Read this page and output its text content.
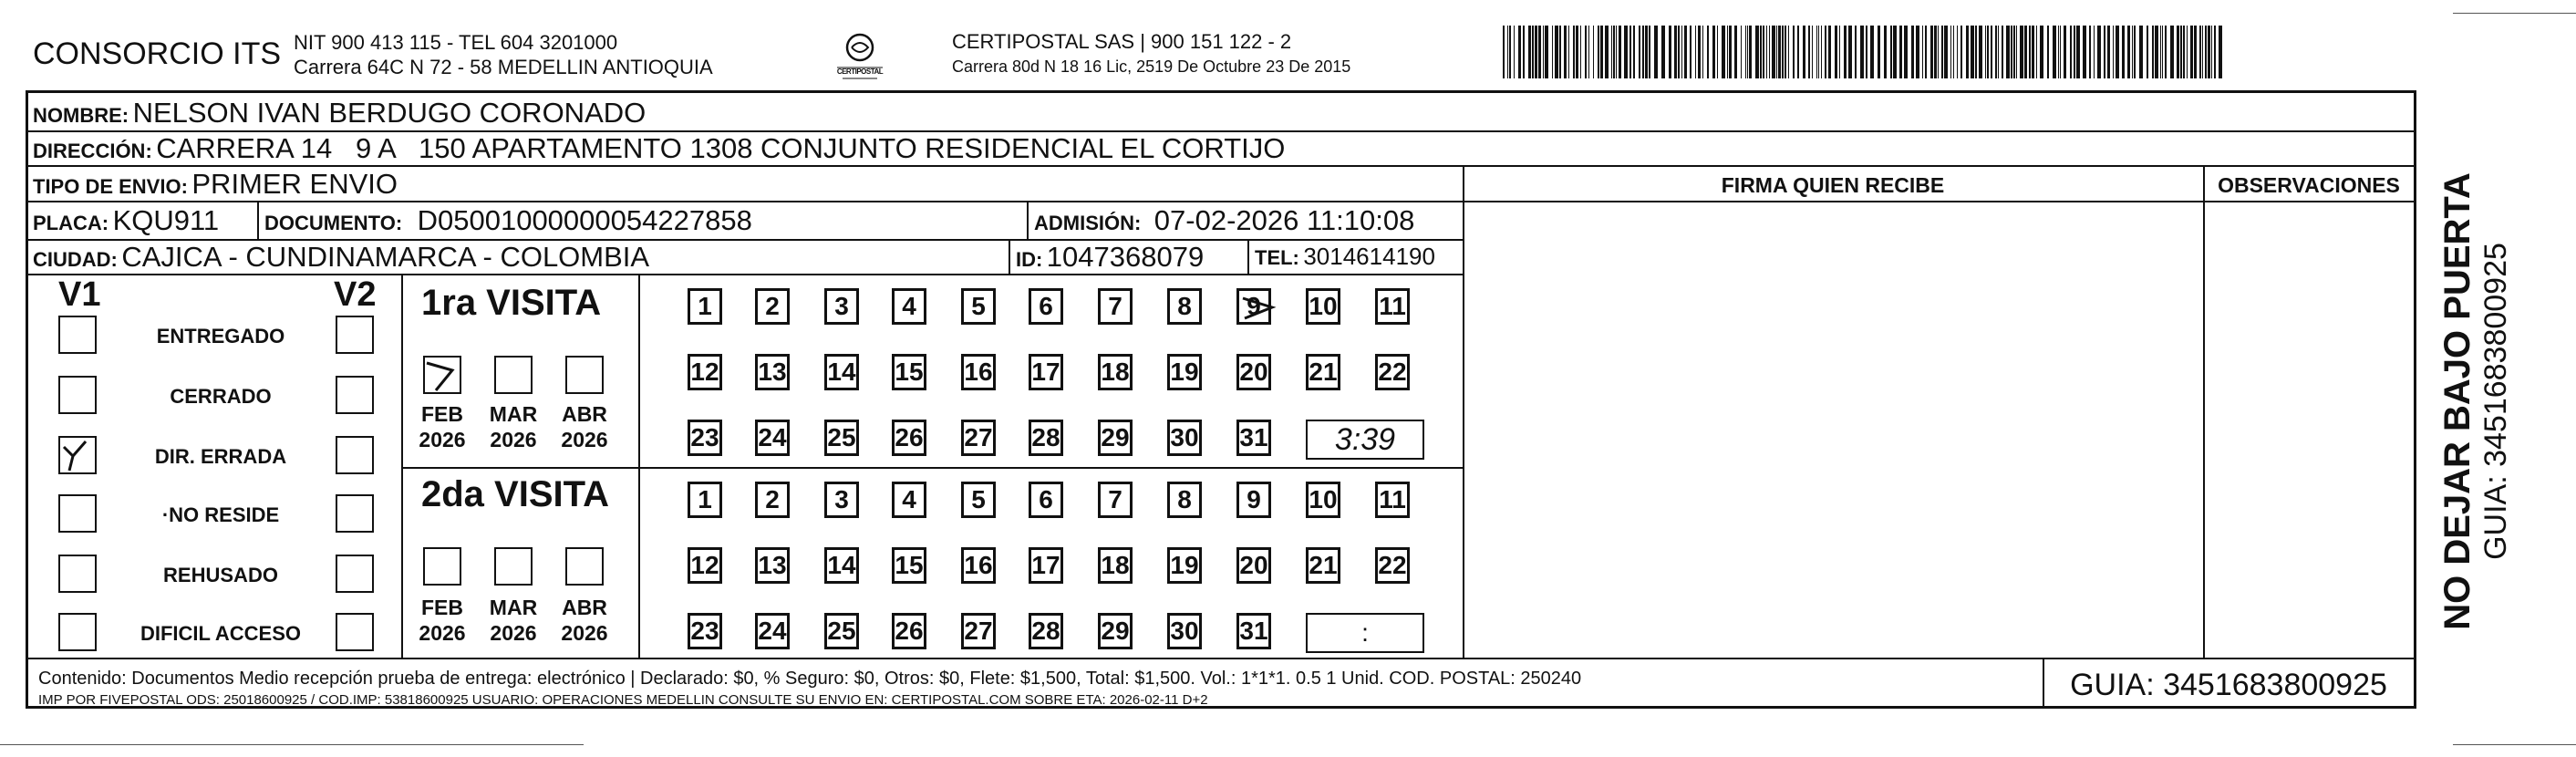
CONSORCIO ITS NIT 900 413 115 - TEL 604 3201000
Carrera 64C N 72 - 58 MEDELLIN ANTIOQUIA	CERTIPOSTAL
CERTIPOSTAL SAS | 900 151 122 - 2
Carrera 80d N 18 16 Lic, 2519 De Octubre 23 De 2015
NOMBRE: NELSON IVAN BERDUGO CORONADO
DIRECCIÓN: CARRERA 14   9 A   150 APARTAMENTO 1308 CONJUNTO RESIDENCIAL EL CORTIJO
TIPO DE ENVIO: PRIMER ENVIO	FIRMA QUIEN RECIBE	OBSERVACIONES
PLACA: KQU911 DOCUMENTO: D05001000000054227858	ADMISIÓN: 07-02-2026 11:10:08
CIUDAD: CAJICA - CUNDINAMARCA - COLOMBIA	ID: 1047368079	TEL: 3014614190
V1	V2
ENTREGADO
CERRADO
DIR. ERRADA
·NO RESIDE
REHUSADO
DIFICIL ACCESO
1ra VISITA
2da VISITA
1	2	3	4	5	6	7	8	9	10 11
12 13 14 15 16 17 18 19 20 21 22
23 24 25 26 27 28 29 30 31	3:39
1	2	3	4	5	6	7	8	9	10 11
12 13 14 15 16 17 18 19 20 21 22
23 24 25 26 27 28 29 30 31	:
FEB
2026
MAR
2026
ABR
2026
FEB
2026
MAR
2026
ABR
2026
NO DEJAR BAJO PUERTA GUIA: 3451683800925
Contenido: Documentos Medio recepción prueba de entrega: electrónico | Declarado: $0, % Seguro: $0, Otros: $0, Flete: $1,500, Total: $1,500. Vol.: 1*1*1. 0.5 1 Unid. COD. POSTAL: 250240
IMP POR FIVEPOSTAL ODS: 25018600925 / COD.IMP: 53818600925 USUARIO: OPERACIONES MEDELLIN CONSULTE SU ENVIO EN: CERTIPOSTAL.COM SOBRE ETA: 2026-02-11 D+2	GUIA: 3451683800925
